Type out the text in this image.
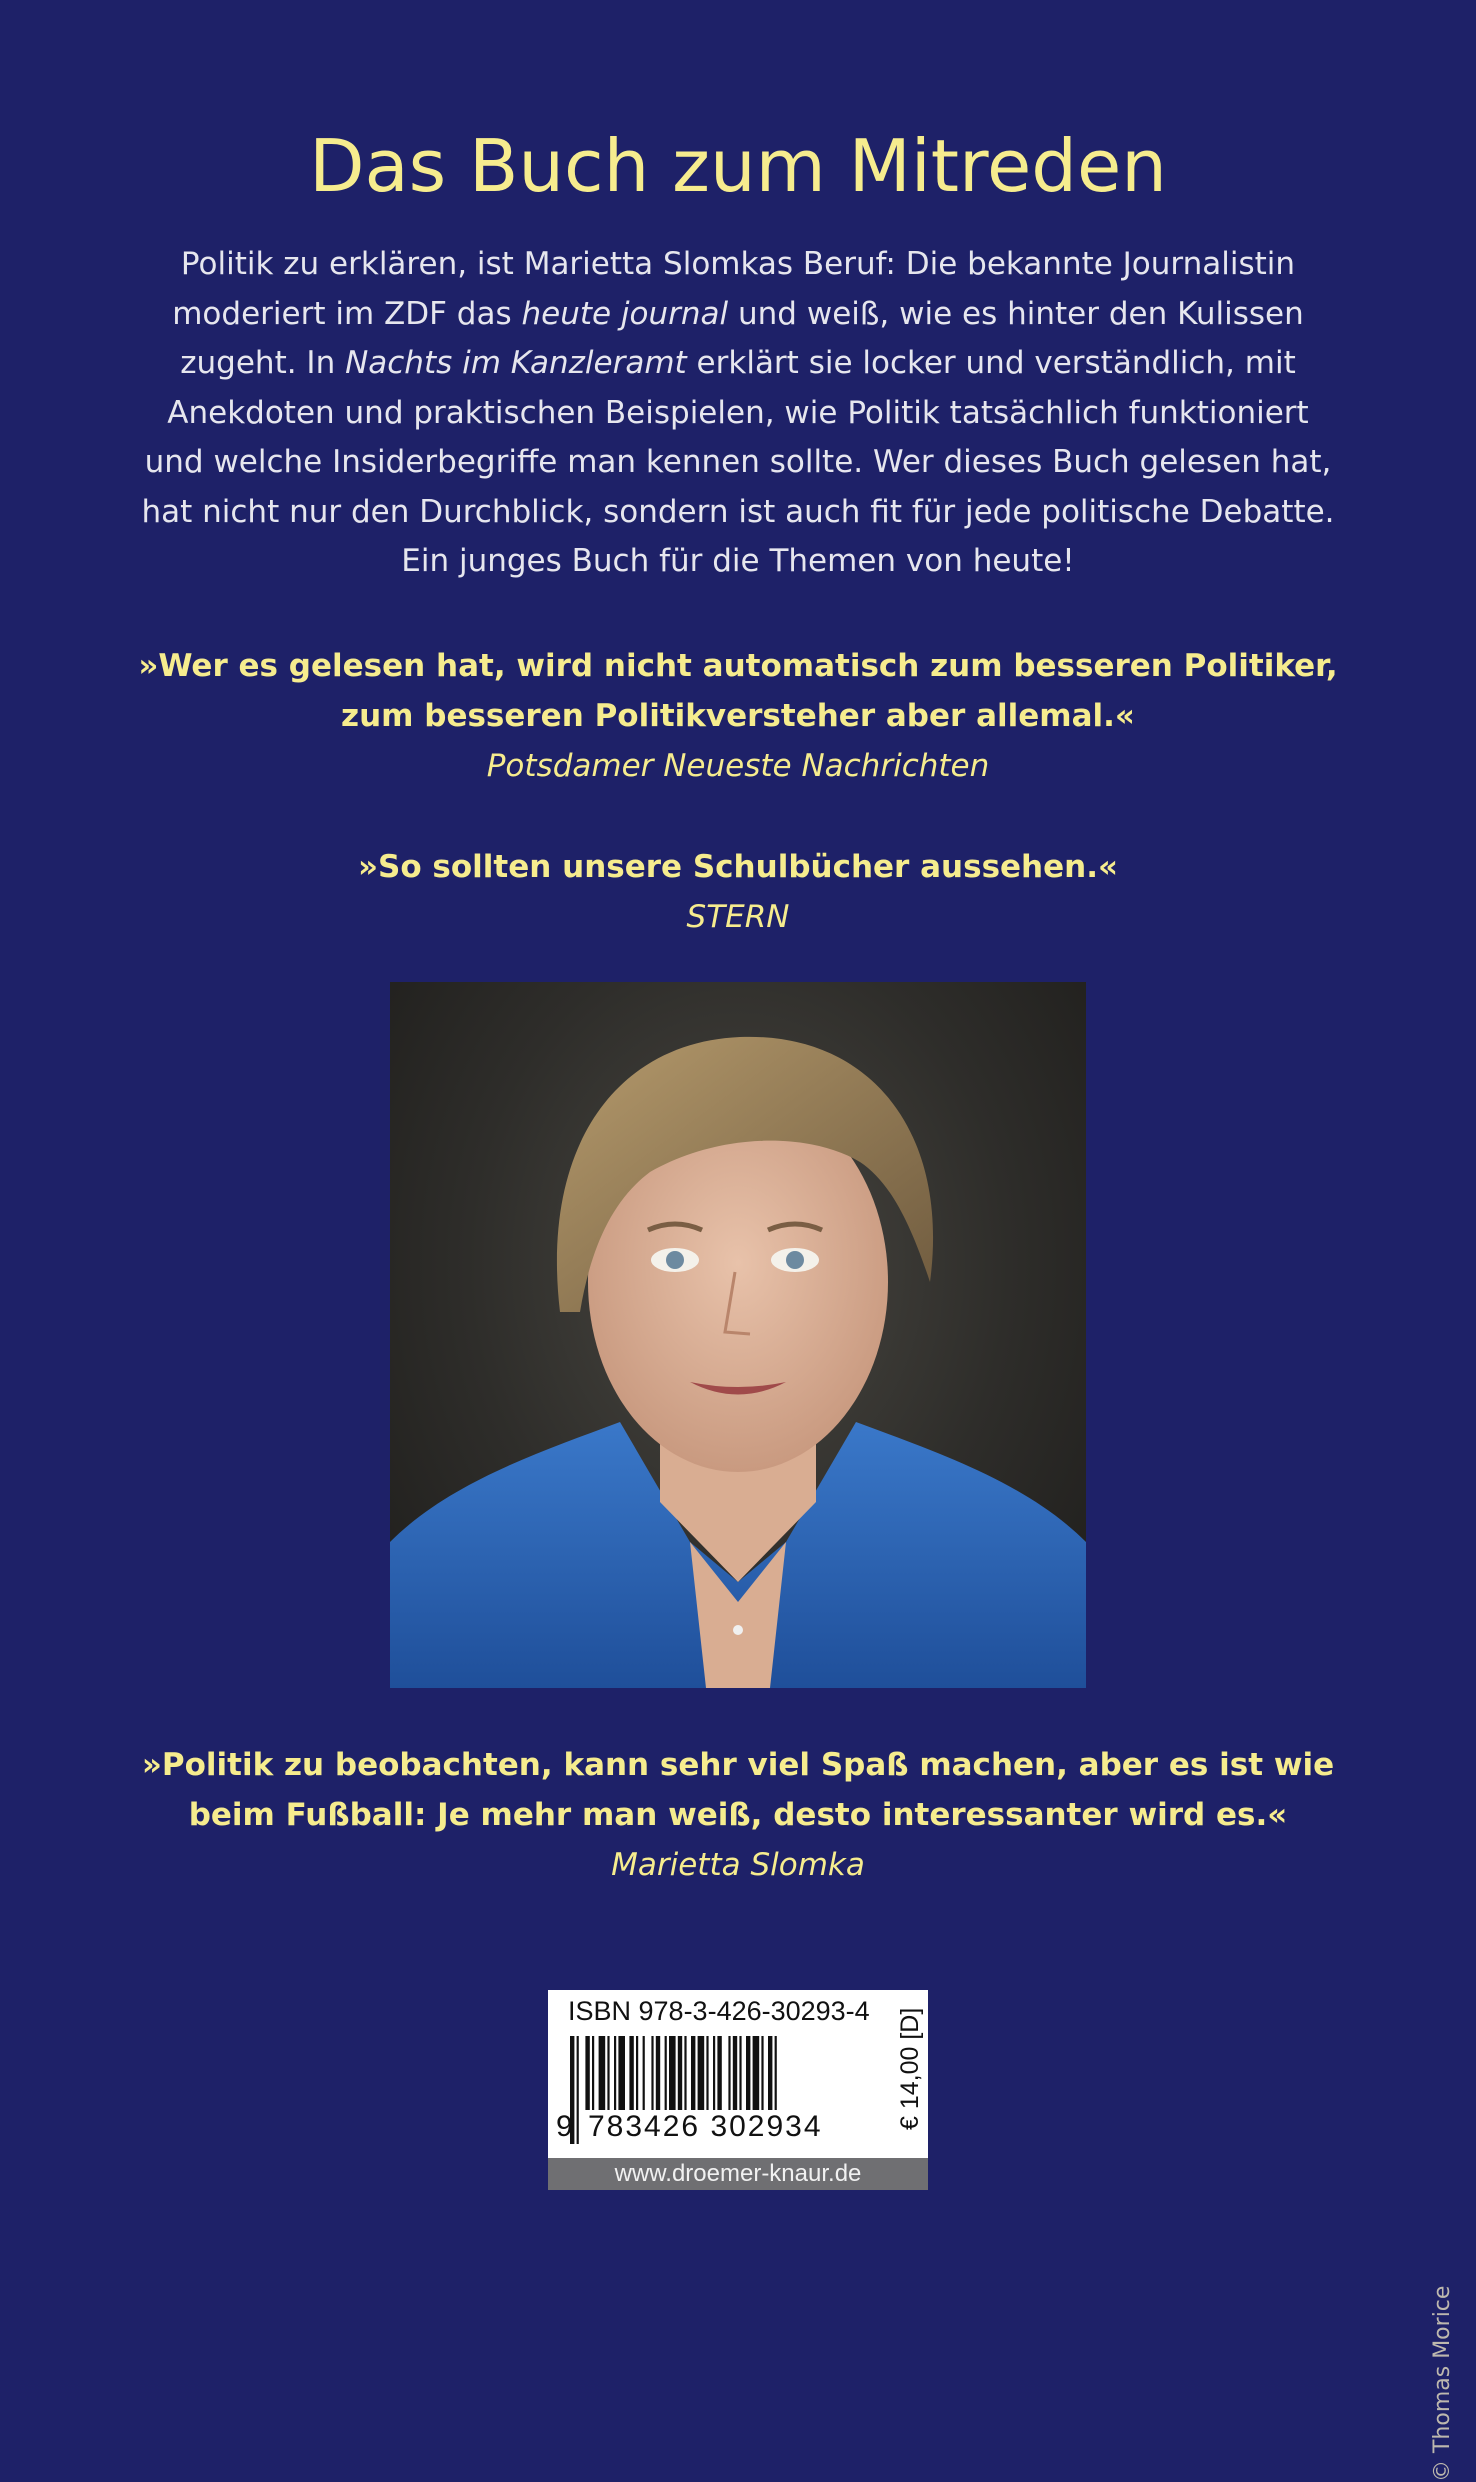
Das Buch zum Mitreden
Politik zu erklären, ist Marietta Slomkas Beruf: Die bekannte Journalistin
moderiert im ZDF das heute journal und weiß, wie es hinter den Kulissen
zugeht. In Nachts im Kanzleramt erklärt sie locker und verständlich, mit
Anekdoten und praktischen Beispielen, wie Politik tatsächlich funktioniert
und welche Insiderbegriffe man kennen sollte. Wer dieses Buch gelesen hat,
hat nicht nur den Durchblick, sondern ist auch fit für jede politische Debatte.
Ein junges Buch für die Themen von heute!
»Wer es gelesen hat, wird nicht automatisch zum besseren Politiker,
zum besseren Politikversteher aber allemal.«
Potsdamer Neueste Nachrichten
»So sollten unsere Schulbücher aussehen.«
STERN
© Thomas Morice
»Politik zu beobachten, kann sehr viel Spaß machen, aber es ist wie
beim Fußball: Je mehr man weiß, desto interessanter wird es.«
Marietta Slomka
ISBN 978-3-426-30293-4
9 783426 302934	€ 14,00 [D]
www.droemer-knaur.de
